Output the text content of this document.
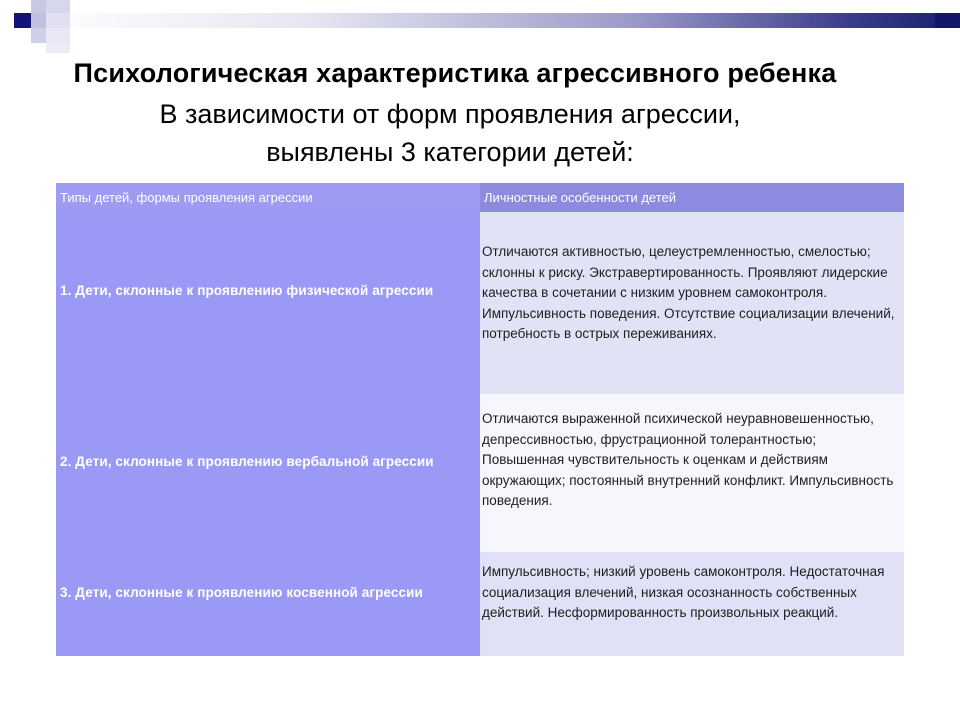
Психологическая характеристика агрессивного ребенка
В зависимости от форм проявления агрессии,
выявлены 3 категории детей:
Типы детей, формы проявления агрессии	Личностные особенности детей
Отличаются активностью, целеустремленностью, смелостью; склонны к риску. Экстравертированность. Проявляют лидерские качества в сочетании с низким уровнем самоконтроля. Импульсивность поведения. Отсутствие социализации влечений, потребность в острых переживаниях.
Отличаются выраженной психической неуравновешенностью, депрессивностью, фрустрационной толерантностью; Повышенная чувствительность к оценкам и действиям окружающих; постоянный внутренний конфликт. Импульсивность поведения.
Импульсивность; низкий уровень самоконтроля. Недостаточная социализация влечений, низкая осознанность собственных действий. Несформированность произвольных реакций.
1. Дети, склонные к проявлению физической агрессии
2. Дети, склонные к проявлению вербальной агрессии
3. Дети, склонные к проявлению косвенной агрессии
